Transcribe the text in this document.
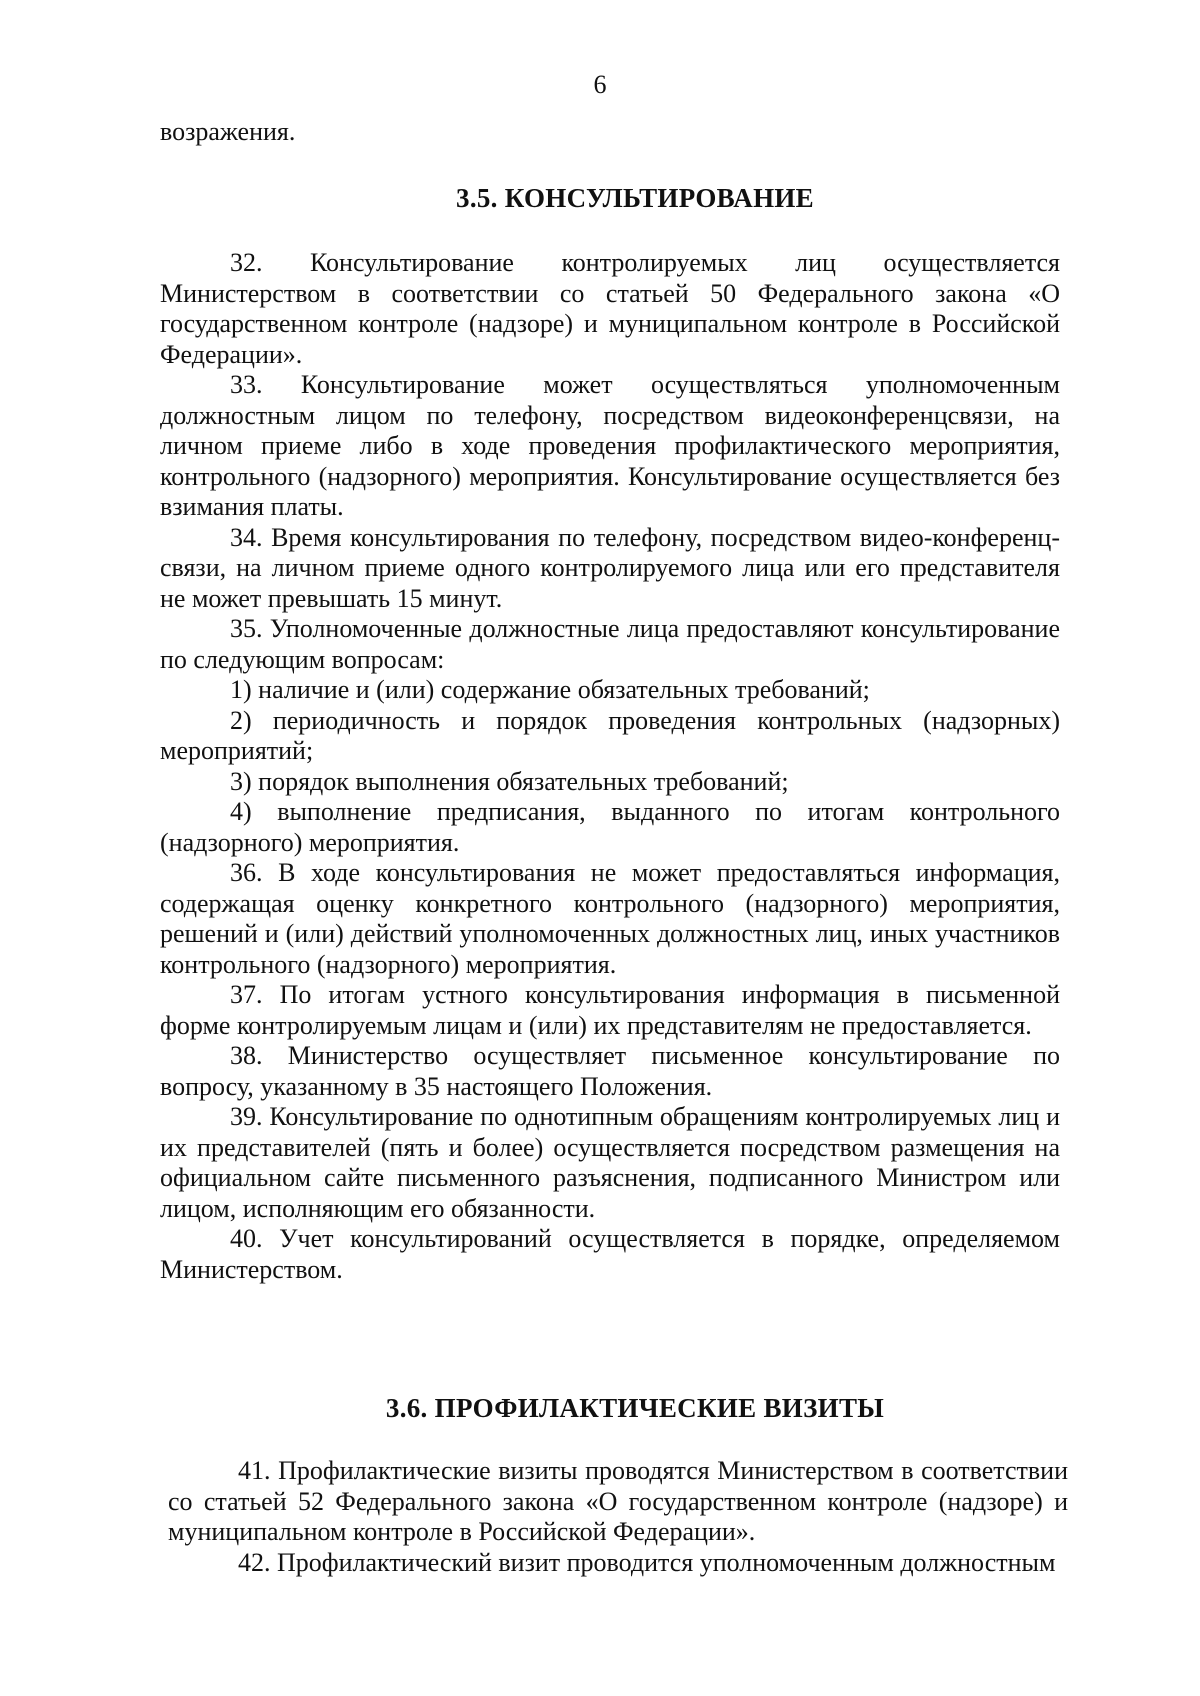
6

возражения.

3.5. КОНСУЛЬТИРОВАНИЕ

32. Консультирование контролируемых лиц осуществляется Министерством в соответствии со статьей 50 Федерального закона «О государственном контроле (надзоре) и муниципальном контроле в Российской Федерации».

33. Консультирование может осуществляться уполномоченным должностным лицом по телефону, посредством видеоконференцсвязи, на личном приеме либо в ходе проведения профилактического мероприятия, контрольного (надзорного) мероприятия. Консультирование осуществляется без взимания платы.

34. Время консультирования по телефону, посредством видео-конференц-связи, на личном приеме одного контролируемого лица или его представителя не может превышать 15 минут.

35. Уполномоченные должностные лица предоставляют консультирование по следующим вопросам:

1) наличие и (или) содержание обязательных требований;

2) периодичность и порядок проведения контрольных (надзорных) мероприятий;

3) порядок выполнения обязательных требований;

4) выполнение предписания, выданного по итогам контрольного (надзорного) мероприятия.

36. В ходе консультирования не может предоставляться информация, содержащая оценку конкретного контрольного (надзорного) мероприятия, решений и (или) действий уполномоченных должностных лиц, иных участников контрольного (надзорного) мероприятия.

37. По итогам устного консультирования информация в письменной форме контролируемым лицам и (или) их представителям не предоставляется.

38. Министерство осуществляет письменное консультирование по вопросу, указанному в 35 настоящего Положения.

39. Консультирование по однотипным обращениям контролируемых лиц и их представителей (пять и более) осуществляется посредством размещения на официальном сайте письменного разъяснения, подписанного Министром или лицом, исполняющим его обязанности.

40. Учет консультирований осуществляется в порядке, определяемом Министерством.

3.6. ПРОФИЛАКТИЧЕСКИЕ ВИЗИТЫ

41. Профилактические визиты проводятся Министерством в соответствии со статьей 52 Федерального закона «О государственном контроле (надзоре) и муниципальном контроле в Российской Федерации».

42. Профилактический визит проводится уполномоченным должностным
